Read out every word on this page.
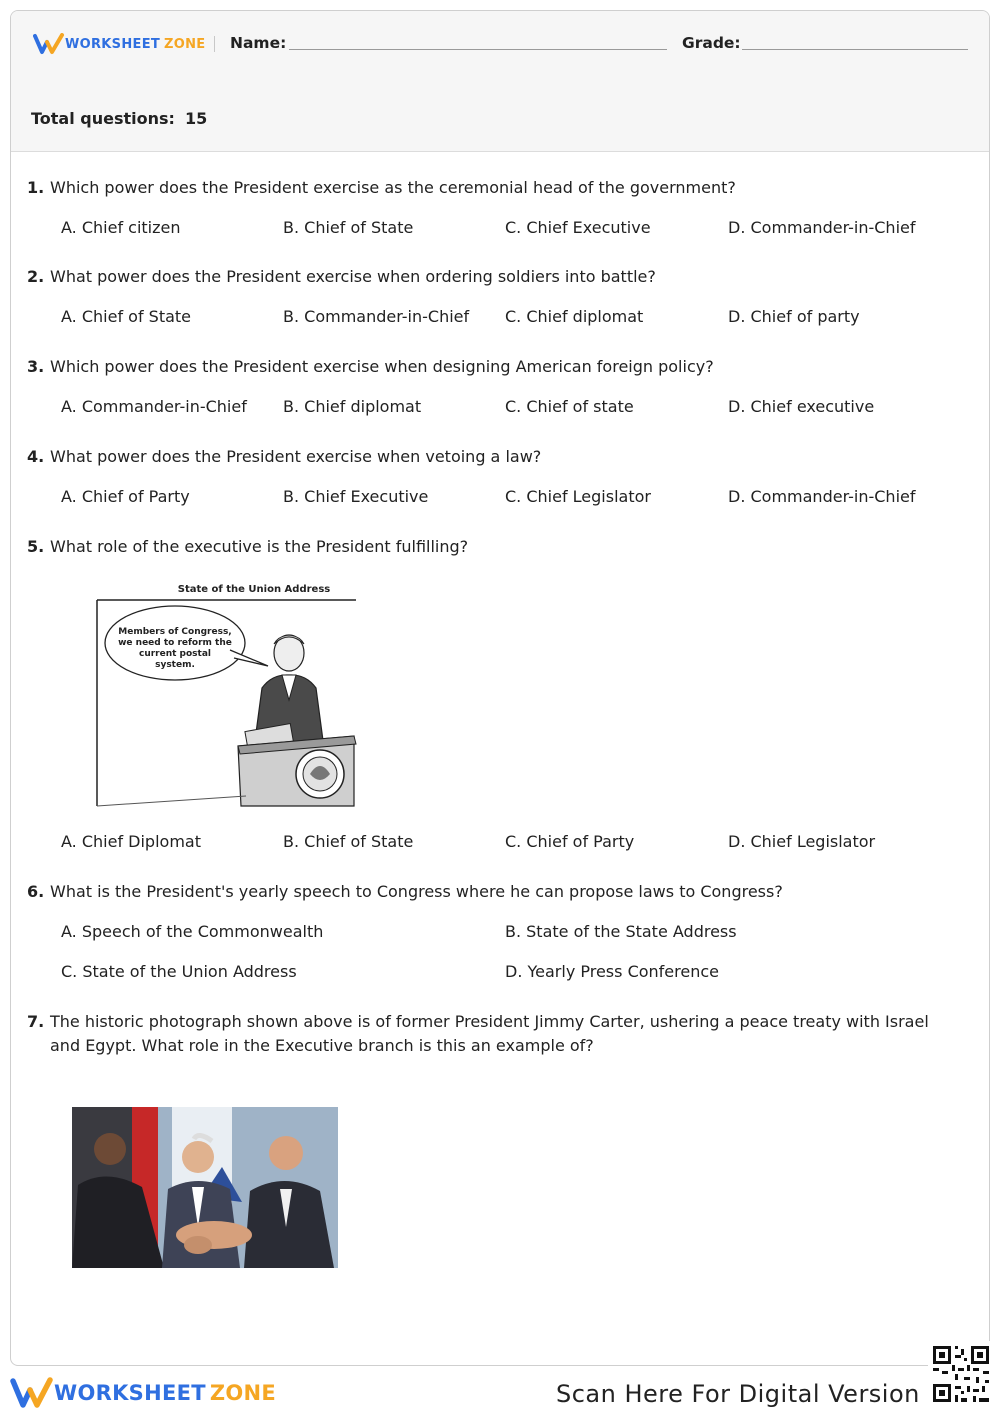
WORKSHEET ZONE Name:	Grade:
Total questions: 15
1. Which power does the President exercise as the ceremonial head of the government?
A. Chief citizen	B. Chief of State	C. Chief Executive	D. Commander-in-Chief
2. What power does the President exercise when ordering soldiers into battle?
A. Chief of State	B. Commander-in-Chief C. Chief diplomat	D. Chief of party
3. Which power does the President exercise when designing American foreign policy?
A. Commander-in-Chief B. Chief diplomat	C. Chief of state	D. Chief executive
4. What power does the President exercise when vetoing a law?
A. Chief of Party	B. Chief Executive	C. Chief Legislator	D. Commander-in-Chief
5. What role of the executive is the President fulfilling?
State of the Union Address
Members of Congress,
we need to reform the
current postal
system.
A. Chief Diplomat	B. Chief of State	C. Chief of Party	D. Chief Legislator
6. What is the President's yearly speech to Congress where he can propose laws to Congress?
A. Speech of the Commonwealth	B. State of the State Address
C. State of the Union Address	D. Yearly Press Conference
7. The historic photograph shown above is of former President Jimmy Carter, ushering a peace treaty with Israel and Egypt. What role in the Executive branch is this an example of?
WORKSHEET ZONE	Scan Here For Digital Version
